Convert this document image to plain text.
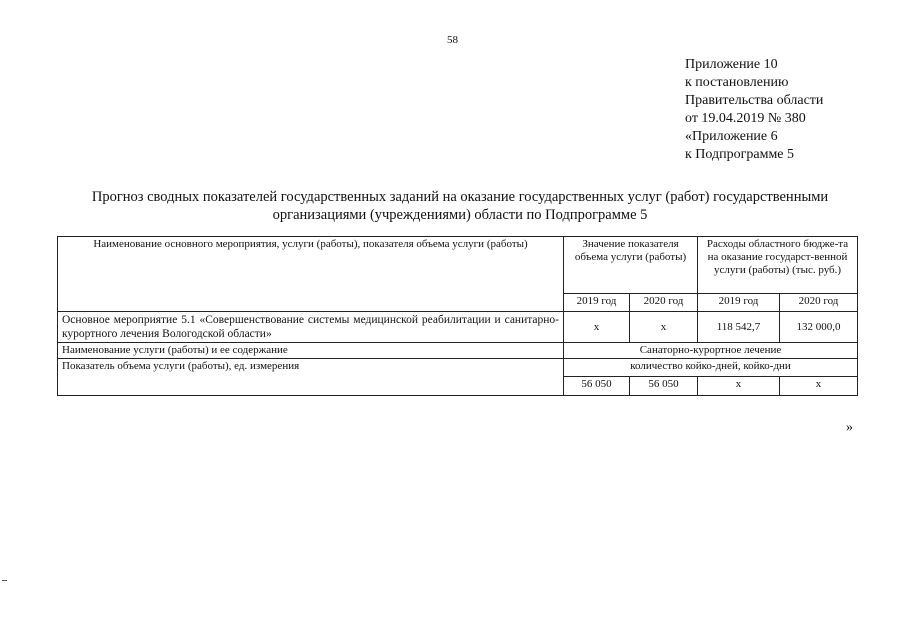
58
Приложение 10
к постановлению
Правительства области
от 19.04.2019 № 380
«Приложение 6
к Подпрограмме 5
Прогноз сводных показателей государственных заданий на оказание государственных услуг (работ) государственными
организациями (учреждениями) области по Подпрограмме 5
Наименование основного мероприятия, услуги (работы), показателя объема услуги (работы)	Значение показателя объема услуги (работы)		Расходы областного бюдже-та на оказание государст-венной услуги (работы) (тыс. руб.)	
	2019 год	2020 год	2019 год	2020 год
Основное мероприятие 5.1 «Совершенствование системы медицинской реабилитации и санитарно-курортного лечения Вологодской области»	х	х	118 542,7	132 000,0
Наименование услуги (работы) и ее содержание	Санаторно-курортное лечение			
Показатель объема услуги (работы), ед. измерения	количество койко-дней, койко-дни			
	56 050	56 050	х	х
»
